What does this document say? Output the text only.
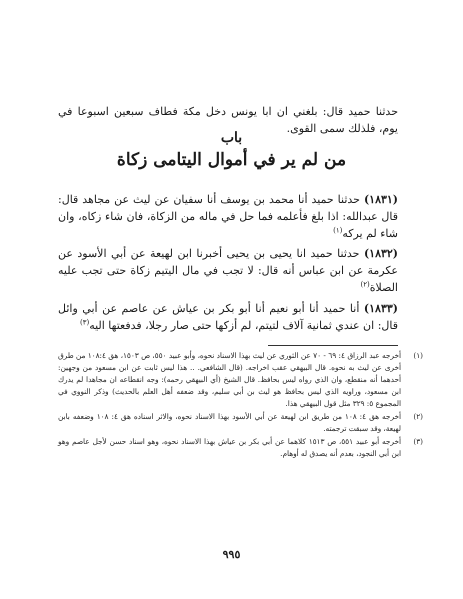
حدثنا حميد قال: بلغني ان ابا يونس دخل مكة فطاف سبعين اسبوعا في يوم، فلذلك سمى القوى.

باب
من لم ير في أموال اليتامى زكاة

(١٨٣١) حدثنا حميد أنا محمد بن يوسف أنا سفيان عن ليث عن مجاهد قال: قال عبدالله: اذا بلغ فأعلمه فما حل في ماله من الزكاة، فان شاء زكاه، وان شاء لم يركه$^{(١)}$

(١٨٣٢) حدثنا حميد انا يحيى بن يحيى أخبرنا ابن لهيعة عن أبي الأسود عن عكرمة عن ابن عباس أنه قال: لا تجب في مال اليتيم زكاة حتى تجب عليه الصلاة$^{(٢)}$

(١٨٣٣) أنا حميد أنا أبو نعيم أنا أبو بكر بن عياش عن عاصم عن أبي وائل قال: ان عندي ثمانية آلاف لتيتم، لم أزكها حتى صار رجلا، فدفعتها اليه$^{(٣)}$

(١)
أخرجه عبد الرزاق ٤: ٦٩ - ٧٠ عن الثوري عن ليث بهذا الاسناد نحوه، وأبو عبيد ٥٥٠، ص ١٥٠٣، هق ١٠٨:٤ من طرق أخرى عن ليث به نحوه. قال البيهقي عقب اخراجه. (قال الشافعي. .. هذا ليس ثابت عن ابن مسعود من وجهين: أحدهما أنه منقطع، وان الذي رواه ليس بحافظ. قال الشيخ (أي البيهقي رحمه): وجه انقطاعه ان مجاهدا لم يدرك ابن مسعود، وراويه الذي ليس بحافظ هو ليث بن أبي سليم، وقد ضعفه أهل العلم بالحديث) وذكر النووي في المجموع ٥: ٣٢٩ مثل قول البيهقي هذا.
(٢)
أخرجه هق ٤: ١٠٨ من طريق ابن لهيعة عن أبي الأسود بهذا الاسناد نحوه، والاثر اسناده هق ٤: ١٠٨ وضعفه بابن لهيعة، وقد سبقت ترجمته.
(٣)
أخرجه أبو عبيد ٥٥١، ص ١٥١٣ كلاهما عن أبي بكر بن عياش بهذا الاسناد نحوه، وهو اسناد حسن لأجل عاصم وهو ابن أبي النجود، بعدم أنه يصدق له أوهام.

٩٩٥
